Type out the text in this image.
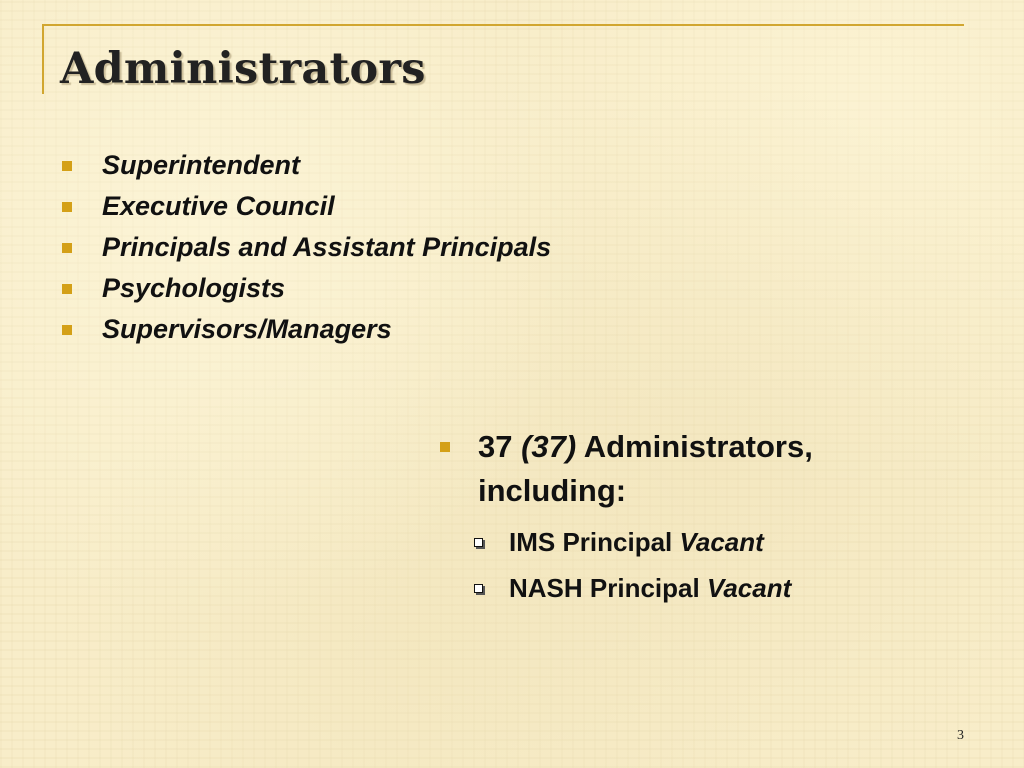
Administrators
Superintendent
Executive Council
Principals and Assistant Principals
Psychologists
Supervisors/Managers
37 (37) Administrators,
including:
IMS Principal Vacant
NASH Principal Vacant
3
